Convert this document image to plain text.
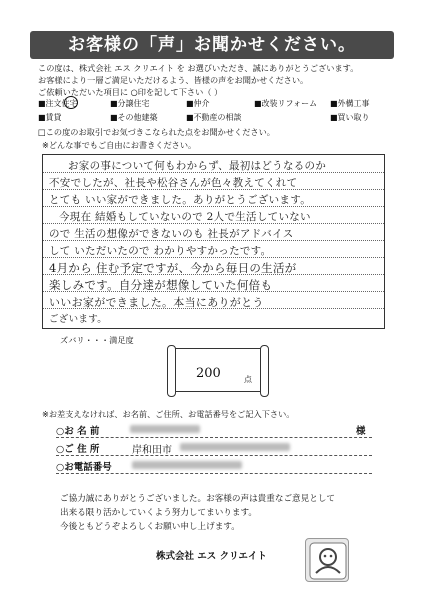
お客様の「声」お聞かせください。
この度は、株式会社 エス クリエイト を お選びいただき、誠にありがとうございます。
お客様により一層ご満足いただけるよう、皆様の声をお聞かせください。
ご依頼いただいた項目に ○印を記して下さい（ ）
■注文住宅	■分譲住宅	■仲介	■改装リフォーム ■外構工事
■賃貸	■その他建築	■不動産の相談	■買い取り
□この度のお取引でお気づきこなられた点をお聞かせください。
※どんな事でもご自由にお書きください。
お家の事について何もわからず、最初はどうなるのか
不安でしたが、社長や松谷さんが色々教えてくれて
とても いい家ができました。ありがとうございます。
今現在 結婚もしていないので 2人で生活していない
ので 生活の想像ができないのも 社長がアドバイス
して いただいたので わかりやすかったです。
4月から 住む予定ですが、今から毎日の生活が
楽しみです。自分達が想像していた何倍も
いいお家ができました。本当にありがとう
ございます。
ズバリ・・・満足度
200	点
※お差支えなければ、お名前、ご住所、お電話番号をご記入下さい。
○お 名 前	様
○ご 住 所	岸和田市
○お電話番号
ご協力誠にありがとうございました。お客様の声は貴重なご意見として
出来る限り活かしていくよう努力してまいります。
今後ともどうぞよろしくお願い申し上げます。
株式会社 エス クリエイト
